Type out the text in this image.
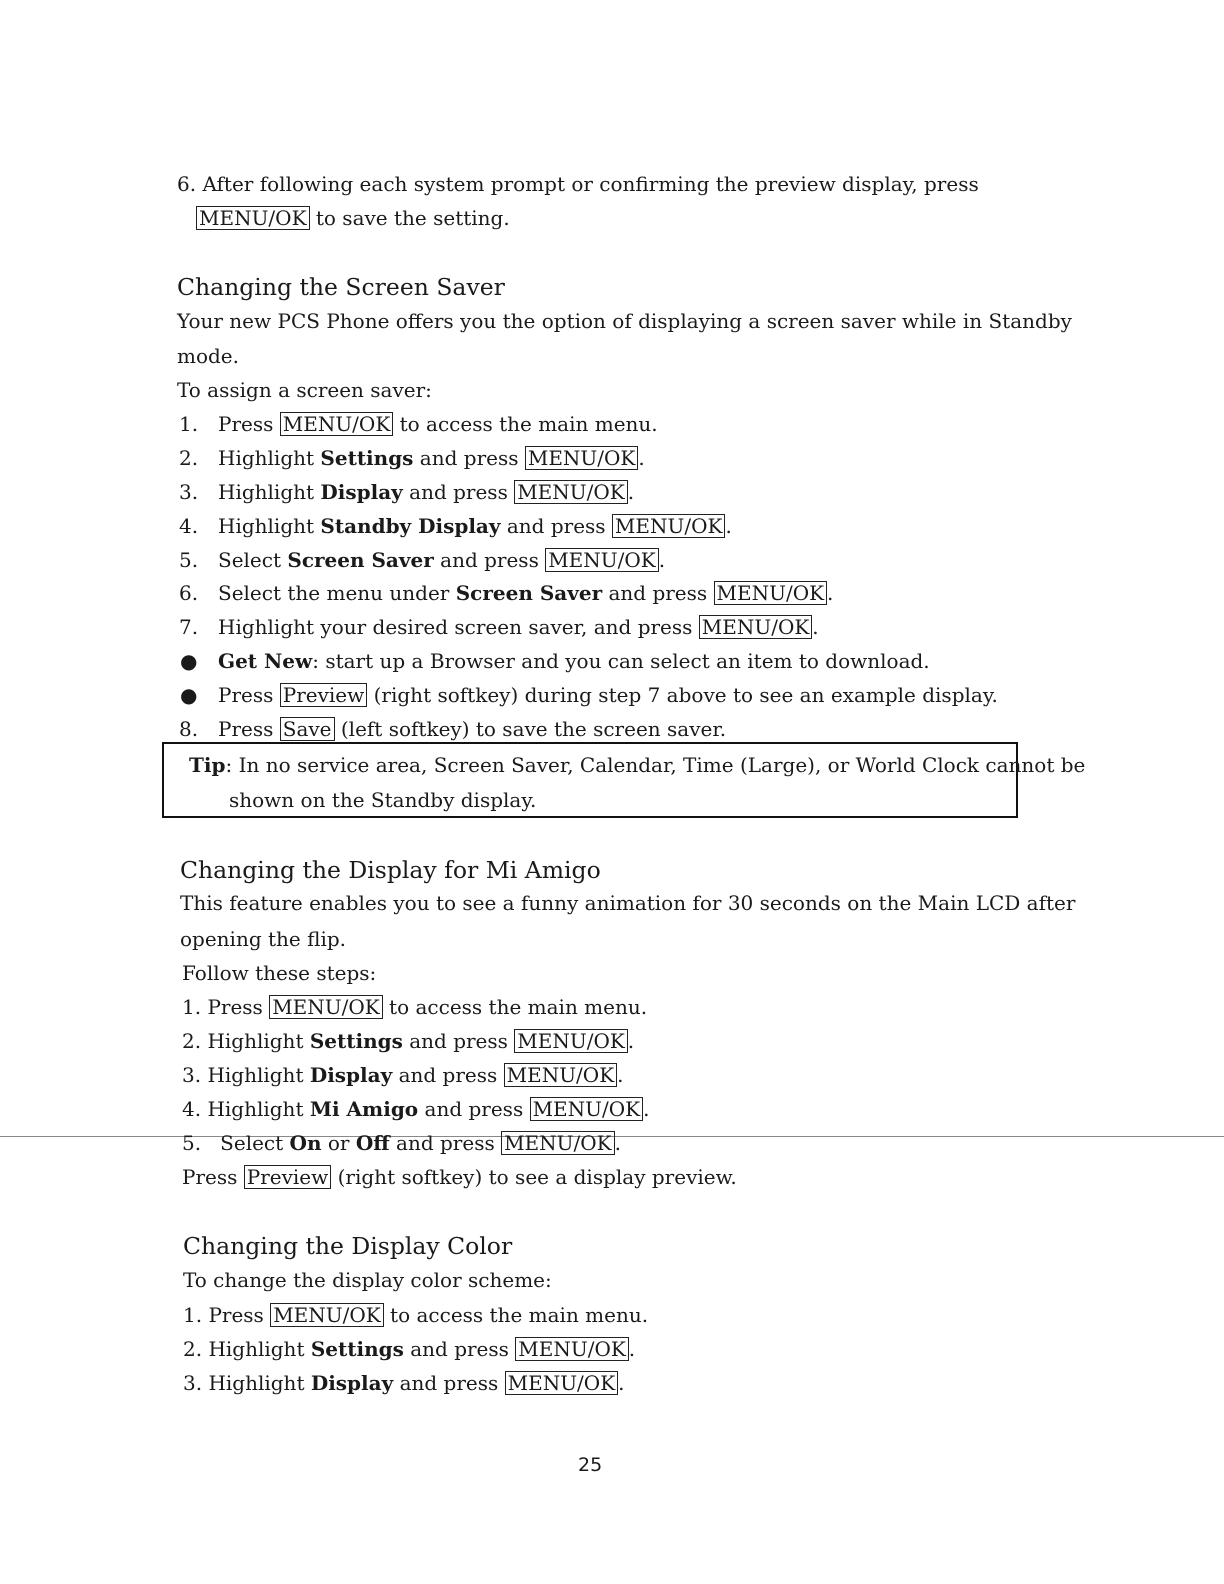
6. After following each system prompt or confirming the preview display, press
MENU/OK to save the setting.
Changing the Screen Saver
Your new PCS Phone offers you the option of displaying a screen saver while in Standby
mode.
To assign a screen saver:
1. Press MENU/OK to access the main menu.
2. Highlight Settings and press MENU/OK .
3. Highlight Display and press MENU/OK .
4. Highlight Standby Display and press MENU/OK .
5. Select Screen Saver and press MENU/OK .
6. Select the menu under Screen Saver and press MENU/OK .
7. Highlight your desired screen saver, and press MENU/OK .
● Get New: start up a Browser and you can select an item to download.
● Press Preview (right softkey) during step 7 above to see an example display.
8. Press Save (left softkey) to save the screen saver.
Tip: In no service area, Screen Saver, Calendar, Time (Large), or World Clock cannot be
shown on the Standby display.
Changing the Display for Mi Amigo
This feature enables you to see a funny animation for 30 seconds on the Main LCD after
opening the flip.
Follow these steps:
1. Press MENU/OK to access the main menu.
2. Highlight Settings and press MENU/OK .
3. Highlight Display and press MENU/OK .
4. Highlight Mi Amigo and press MENU/OK .
5.   Select On or Off and press MENU/OK .
Press Preview (right softkey) to see a display preview.
Changing the Display Color
To change the display color scheme:
1. Press MENU/OK to access the main menu.
2. Highlight Settings and press MENU/OK .
3. Highlight Display and press MENU/OK .
25
